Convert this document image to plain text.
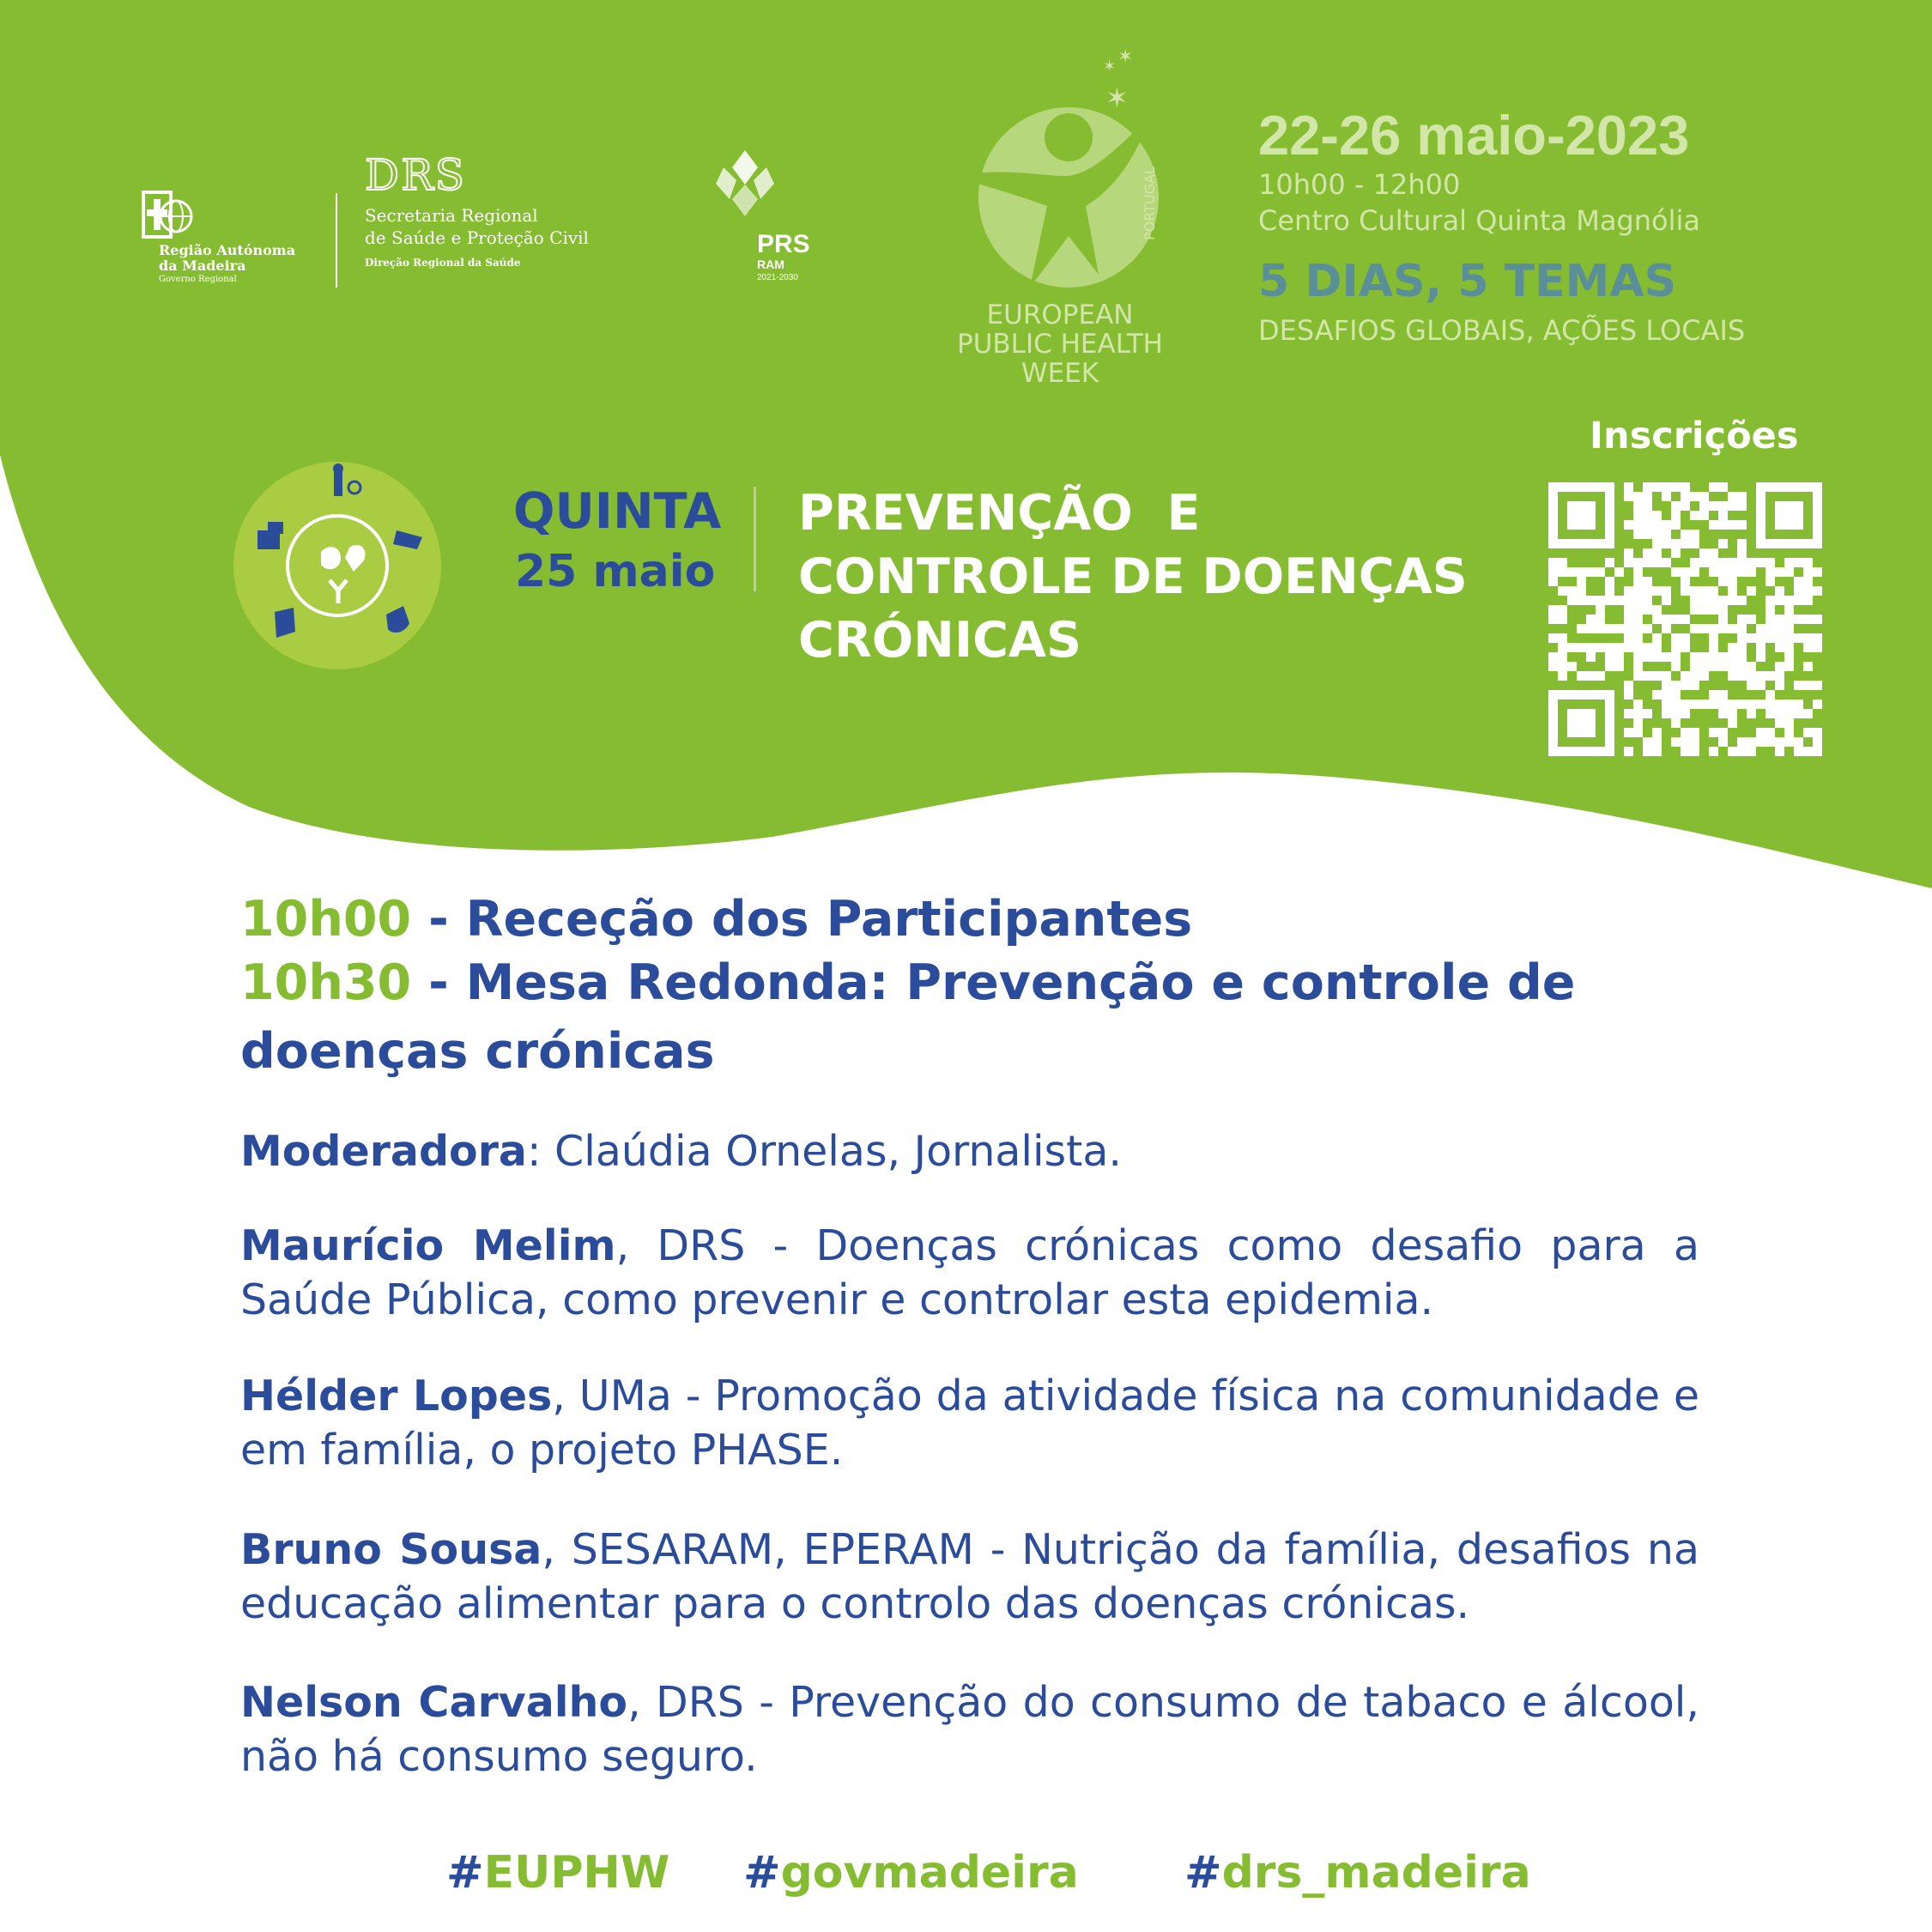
Região Autónoma
da Madeira
Governo Regional
DRS
Secretaria Regional
de Saúde e Proteção Civil
Direção Regional da Saúde
PRS
RAM
2021-2030
✶
✶
✶
PORTUGAL
EUROPEAN
PUBLIC HEALTH
WEEK
22-26 maio-2023
10h00 - 12h00
Centro Cultural Quinta Magnólia
5 DIAS, 5 TEMAS
DESAFIOS GLOBAIS, AÇÕES LOCAIS
QUINTA
25 maio
PREVENÇÃO  E
CONTROLE DE DOENÇAS
CRÓNICAS
Inscrições
10h00 - Receção dos Participantes
10h30 - Mesa Redonda: Prevenção e controle de
doenças crónicas
Moderadora: Claúdia Ornelas, Jornalista.
Maurício Melim, DRS - Doenças crónicas como desafio para a Saúde Pública, como prevenir e controlar esta epidemia.
Hélder Lopes, UMa - Promoção da atividade física na comunidade e em família, o projeto PHASE.
Bruno Sousa, SESARAM, EPERAM - Nutrição da família, desafios na educação alimentar para o controlo das doenças crónicas.
Nelson Carvalho, DRS - Prevenção do consumo de tabaco e álcool, não há consumo seguro.
#EUPHW #govmadeira #drs_madeira
